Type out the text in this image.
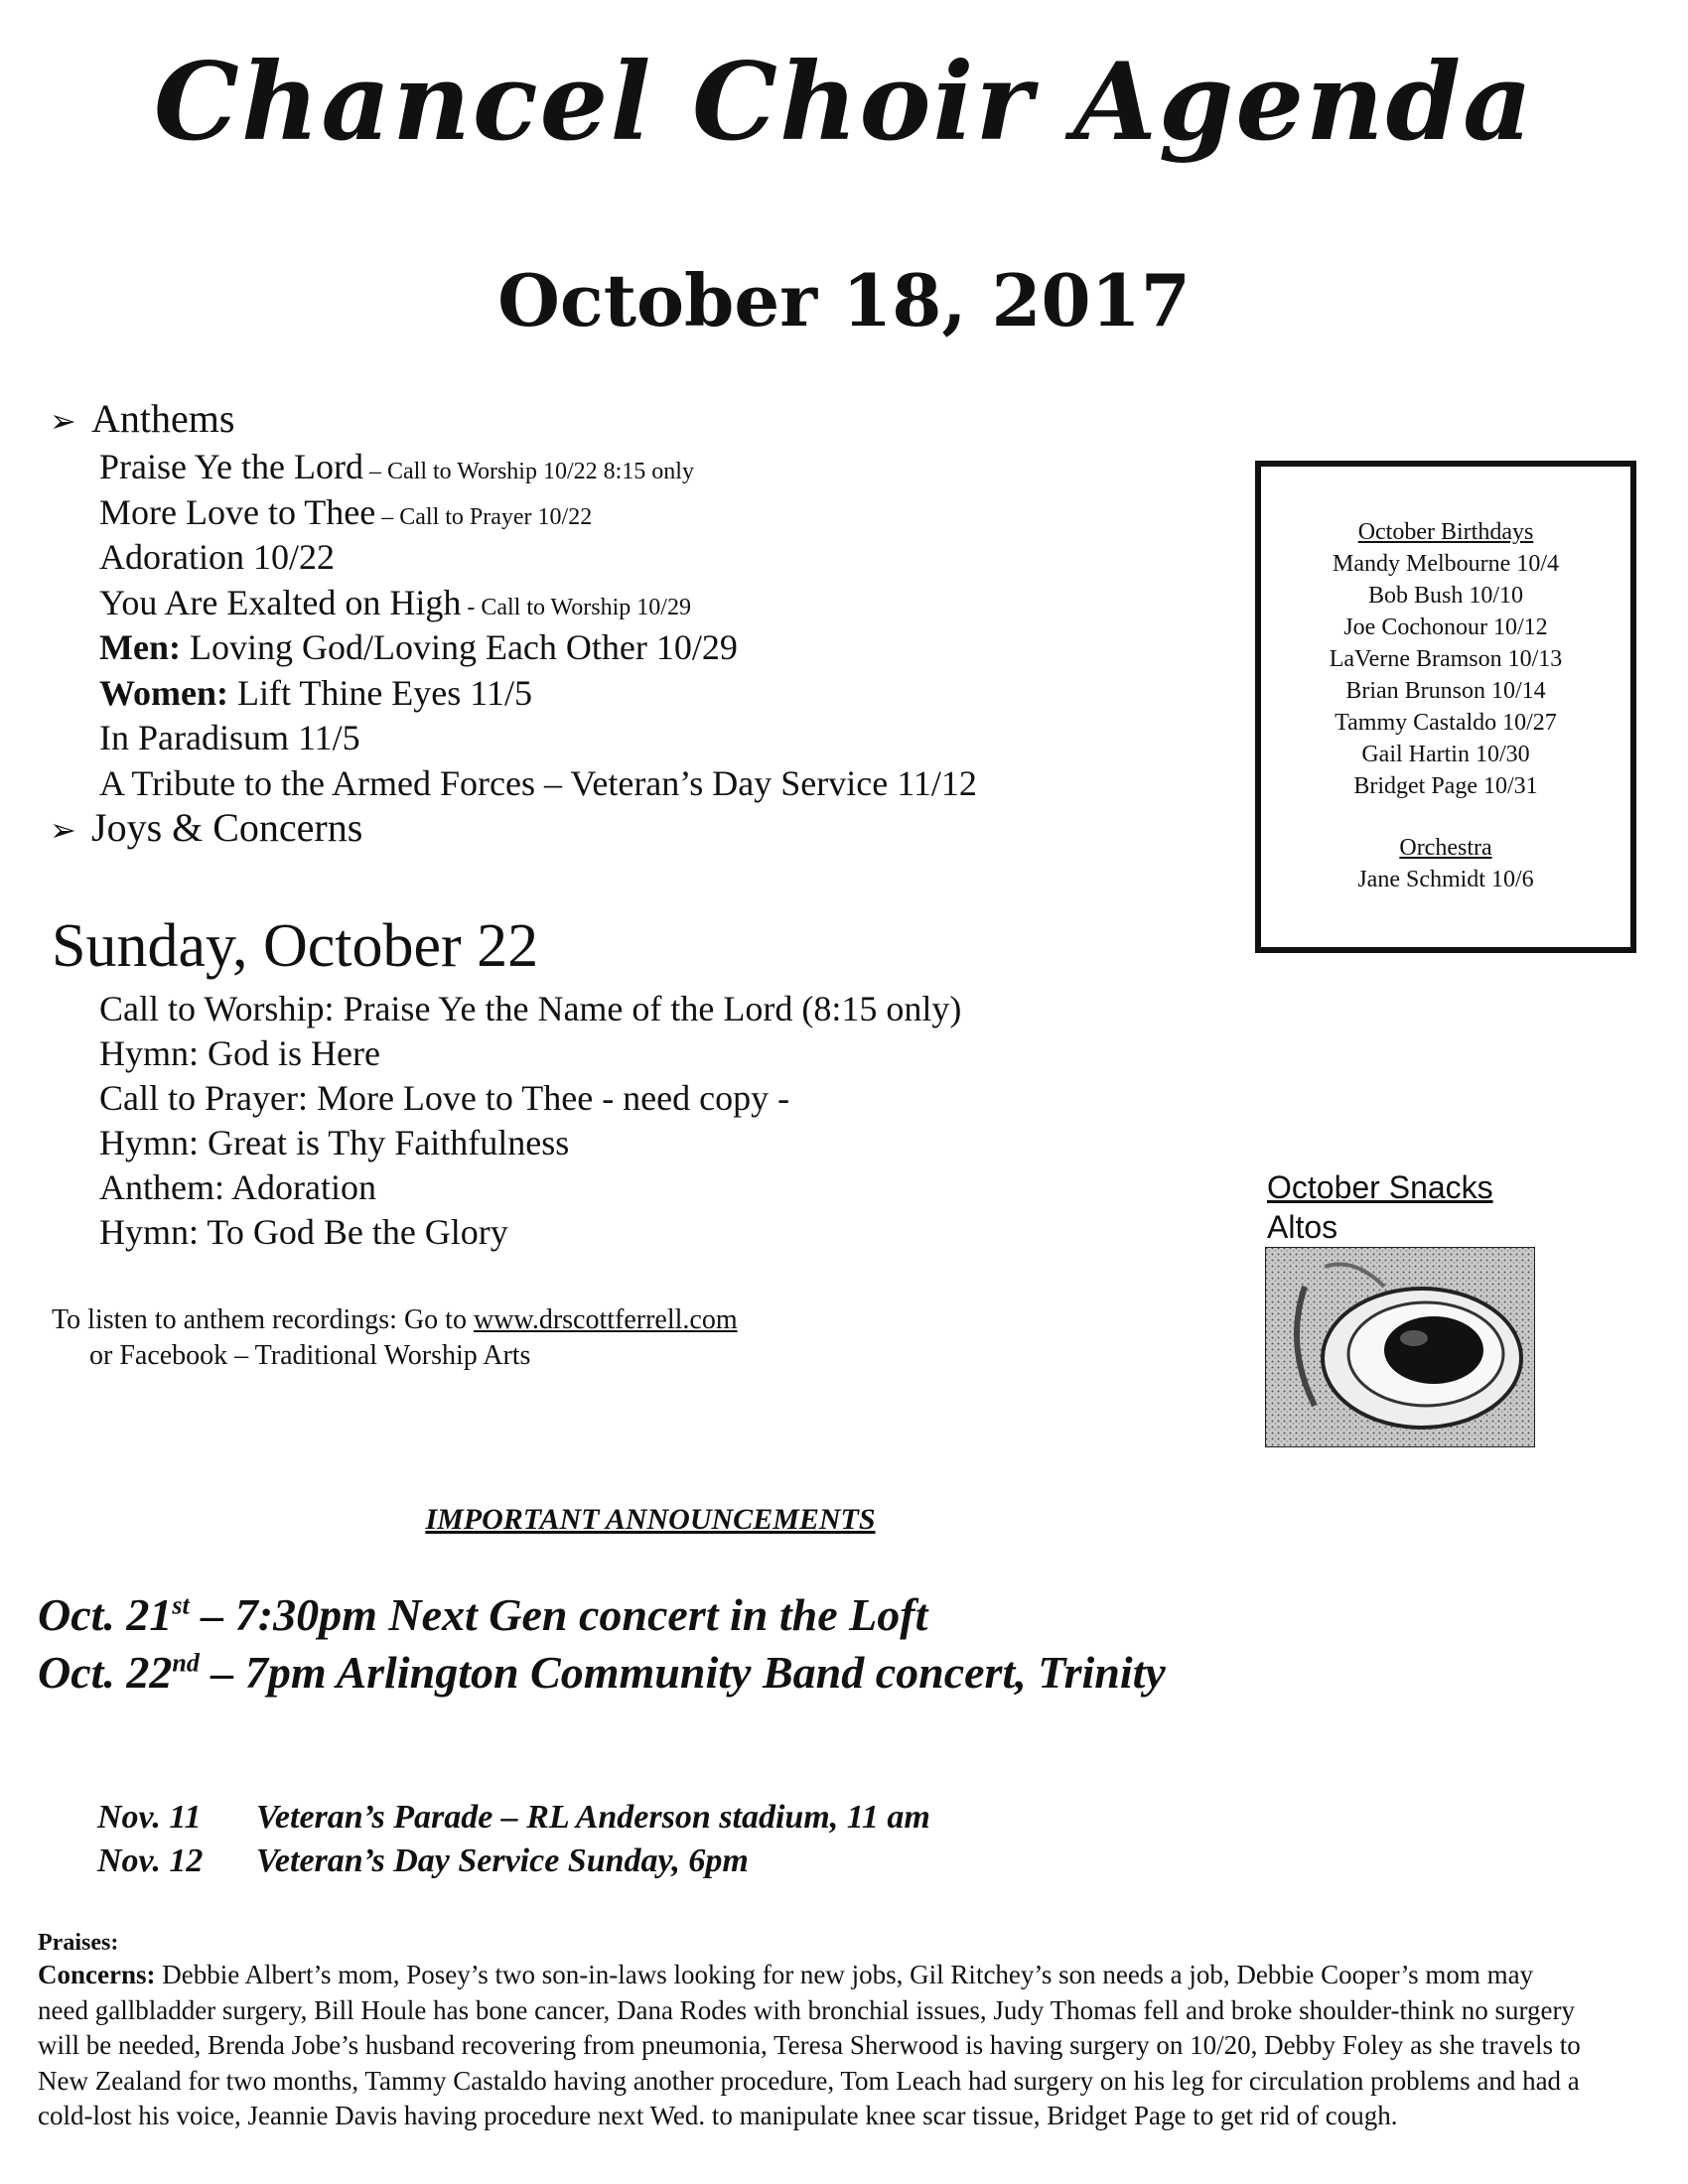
Chancel Choir Agenda
October 18, 2017
➢ Anthems
Praise Ye the Lord – Call to Worship 10/22 8:15 only
More Love to Thee – Call to Prayer 10/22
Adoration 10/22
You Are Exalted on High - Call to Worship 10/29
Men: Loving God/Loving Each Other 10/29
Women: Lift Thine Eyes 11/5
In Paradisum 11/5
A Tribute to the Armed Forces – Veteran’s Day Service 11/12
➢ Joys & Concerns
Sunday, October 22
Call to Worship: Praise Ye the Name of the Lord (8:15 only)
Hymn: God is Here
Call to Prayer: More Love to Thee - need copy -
Hymn: Great is Thy Faithfulness
Anthem: Adoration
Hymn: To God Be the Glory
To listen to anthem recordings: Go to www.drscottferrell.com
or Facebook – Traditional Worship Arts
October Birthdays
Mandy Melbourne 10/4
Bob Bush 10/10
Joe Cochonour 10/12
LaVerne Bramson 10/13
Brian Brunson 10/14
Tammy Castaldo 10/27
Gail Hartin 10/30
Bridget Page 10/31
Orchestra
Jane Schmidt 10/6
October Snacks
Altos
IMPORTANT ANNOUNCEMENTS
Oct. 21st – 7:30pm Next Gen concert in the Loft
Oct. 22nd – 7pm Arlington Community Band concert, Trinity
Nov. 11 Veteran’s Parade – RL Anderson stadium, 11 am
Nov. 12 Veteran’s Day Service Sunday, 6pm
Praises:
Concerns: Debbie Albert’s mom, Posey’s two son-in-laws looking for new jobs, Gil Ritchey’s son needs a job, Debbie Cooper’s mom may need gallbladder surgery, Bill Houle has bone cancer, Dana Rodes with bronchial issues, Judy Thomas fell and broke shoulder-think no surgery will be needed, Brenda Jobe’s husband recovering from pneumonia, Teresa Sherwood is having surgery on 10/20, Debby Foley as she travels to New Zealand for two months, Tammy Castaldo having another procedure, Tom Leach had surgery on his leg for circulation problems and had a cold-lost his voice, Jeannie Davis having procedure next Wed. to manipulate knee scar tissue, Bridget Page to get rid of cough.
